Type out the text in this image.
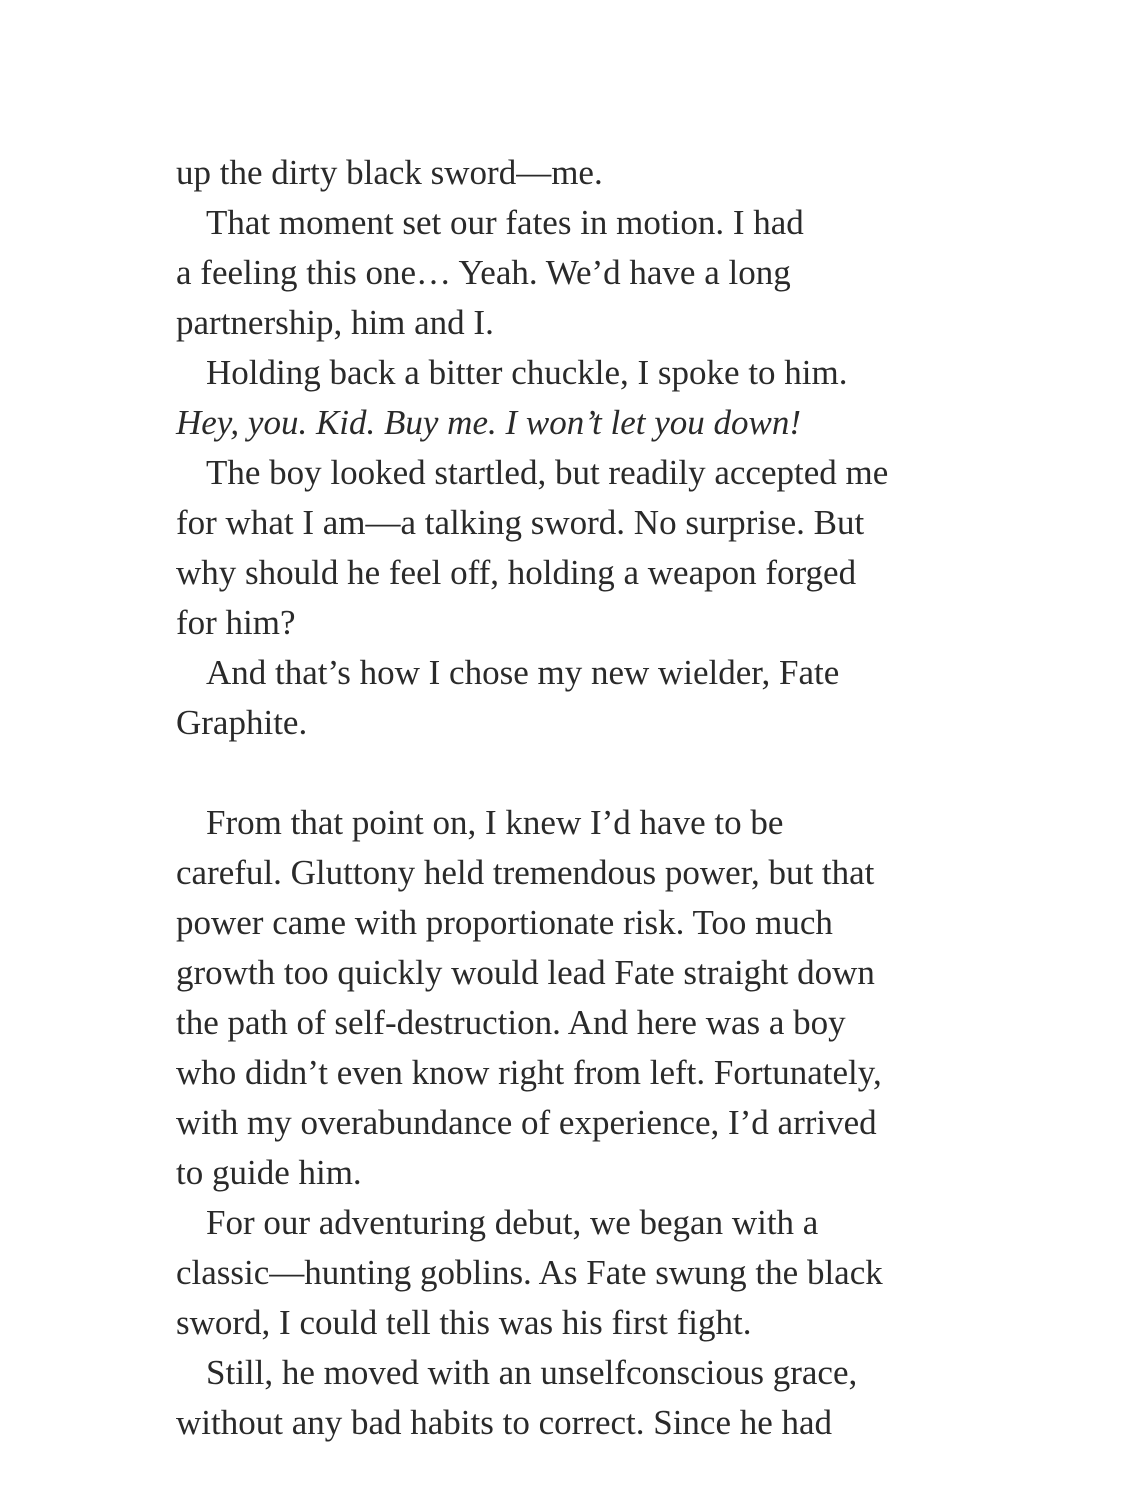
up the dirty black sword—me.
That moment set our fates in motion. I had
a feeling this one… Yeah. We’d have a long
partnership, him and I.
Holding back a bitter chuckle, I spoke to him.
Hey, you. Kid. Buy me. I won’t let you down!
The boy looked startled, but readily accepted me
for what I am—a talking sword. No surprise. But
why should he feel off, holding a weapon forged
for him?
And that’s how I chose my new wielder, Fate
Graphite.
From that point on, I knew I’d have to be
careful. Gluttony held tremendous power, but that
power came with proportionate risk. Too much
growth too quickly would lead Fate straight down
the path of self-destruction. And here was a boy
who didn’t even know right from left. Fortunately,
with my overabundance of experience, I’d arrived
to guide him.
For our adventuring debut, we began with a
classic—hunting goblins. As Fate swung the black
sword, I could tell this was his first fight.
Still, he moved with an unselfconscious grace,
without any bad habits to correct. Since he had
